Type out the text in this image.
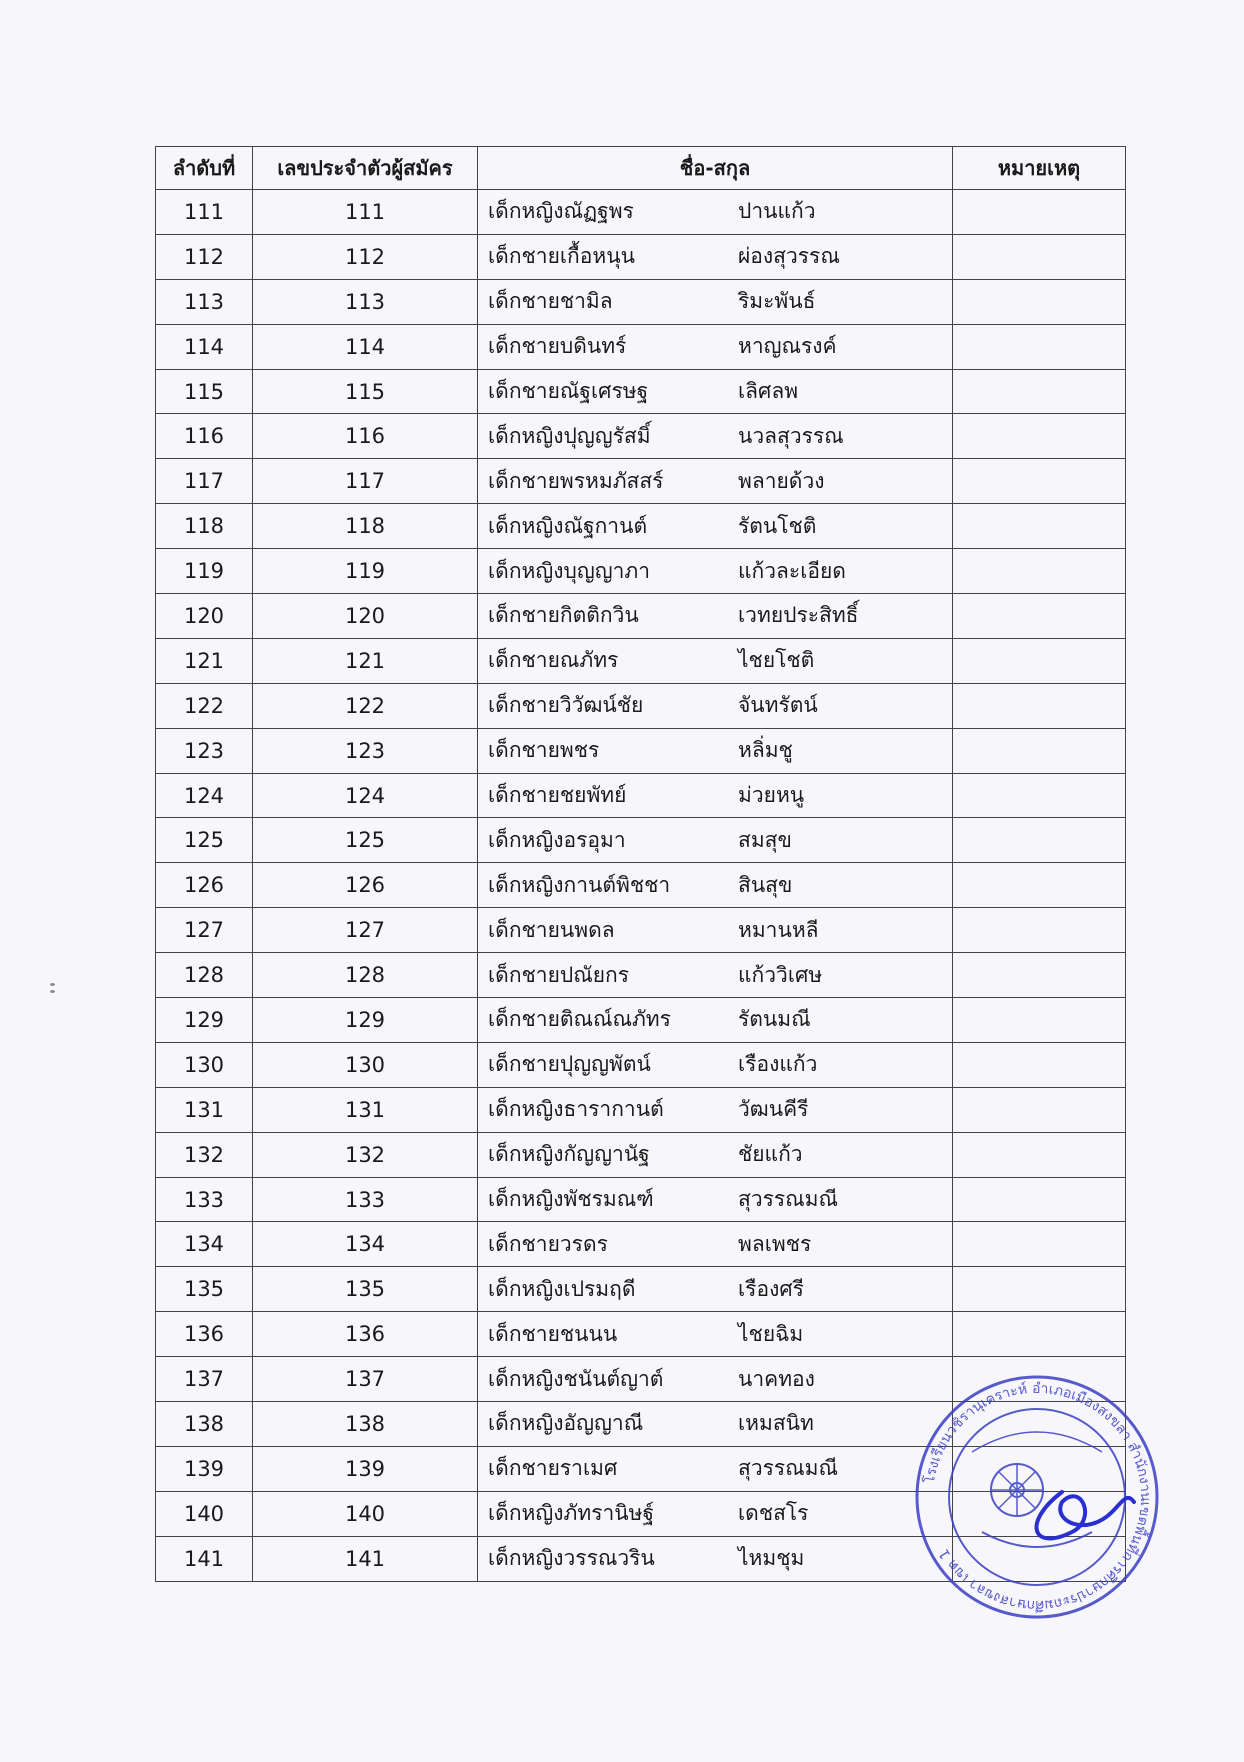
ลำดับที่	เลขประจำตัวผู้สมัคร	ชื่อ-สกุล	หมายเหตุ
111	111	เด็กหญิงณัฏฐพร ปานแก้ว	

112	112	เด็กชายเกื้อหนุน ผ่องสุวรรณ	

113	113	เด็กชายชามิล ริมะพันธ์	

114	114	เด็กชายบดินทร์ หาญณรงค์	

115	115	เด็กชายณัฐเศรษฐ เลิศลพ	

116	116	เด็กหญิงปุญญรัสมิ์ นวลสุวรรณ	

117	117	เด็กชายพรหมภัสสร์ พลายด้วง	

118	118	เด็กหญิงณัฐกานต์ รัตนโชติ	

119	119	เด็กหญิงบุญญาภา แก้วละเอียด	

120	120	เด็กชายกิตติกวิน เวทยประสิทธิ์	

121	121	เด็กชายณภัทร ไชยโชติ	

122	122	เด็กชายวิวัฒน์ชัย จันทรัตน์	

123	123	เด็กชายพชร หลิ่มชู	

124	124	เด็กชายชยพัทย์ ม่วยหนู	

125	125	เด็กหญิงอรอุมา สมสุข	

126	126	เด็กหญิงกานต์พิชชา สินสุข	

127	127	เด็กชายนพดล หมานหลี	

128	128	เด็กชายปณัยกร แก้ววิเศษ	

129	129	เด็กชายติณณ์ณภัทร รัตนมณี	

130	130	เด็กชายปุญญพัตน์ เรืองแก้ว	

131	131	เด็กหญิงธารากานต์ วัฒนคีรี	

132	132	เด็กหญิงกัญญานัฐ ชัยแก้ว	

133	133	เด็กหญิงพัชรมณฑ์ สุวรรณมณี	

134	134	เด็กชายวรดร พลเพชร	

135	135	เด็กหญิงเปรมฤดี เรืองศรี	

136	136	เด็กชายชนนน ไชยฉิม	

137	137	เด็กหญิงชนันต์ญาต์ นาคทอง	

138	138	เด็กหญิงอัญญาณี เหมสนิท	

139	139	เด็กชายราเมศ สุวรรณมณี	

140	140	เด็กหญิงภัทรานิษฐ์ เดชสโร	

141	141	เด็กหญิงวรรณวริน ไหมชุม	

โรงเรียนวชิรานุเคราะห์ อำเภอเมืองสงขลา สำนักงานเขตพื้นที่การศึกษาประถมศึกษาสงขลา เขต 1
